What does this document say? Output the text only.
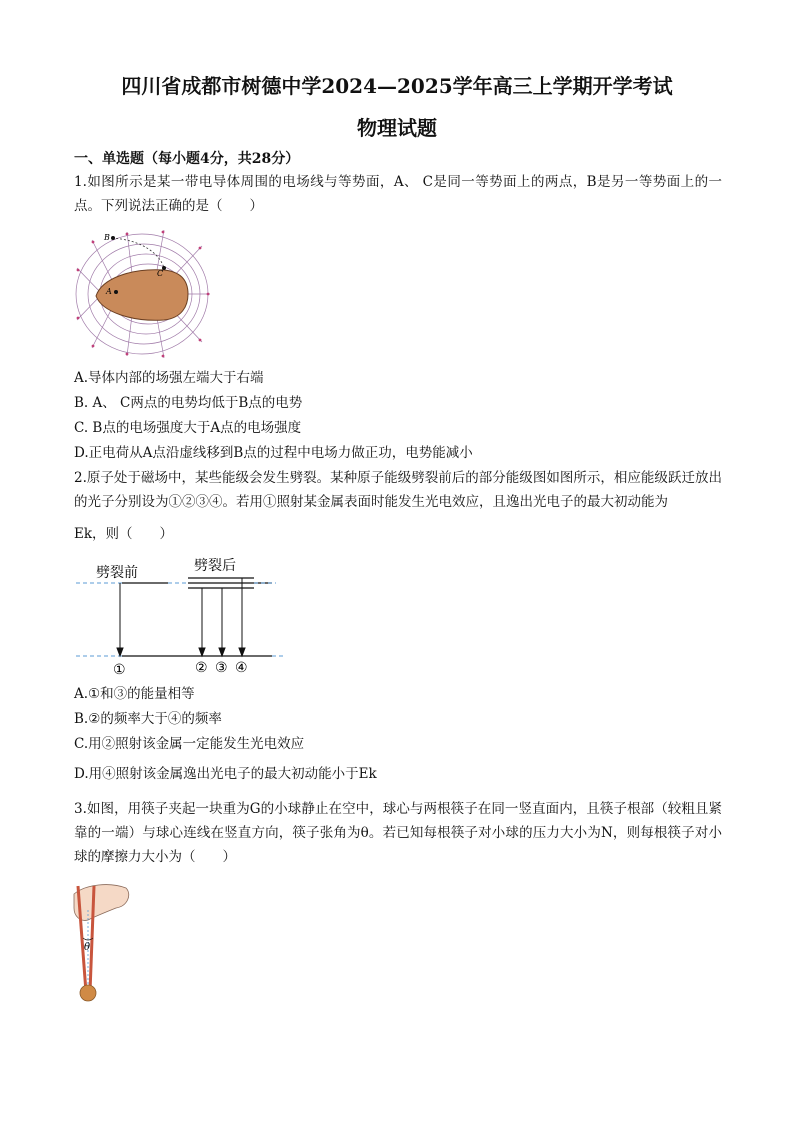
四川省成都市树德中学2024—2025学年高三上学期开学考试
物理试题
一、单选题（每小题4分，共28分）
1.如图所示是某一带电导体周围的电场线与等势面，A、 C是同一等势面上的两点，B是另一等势面上的一点。下列说法正确的是（　　）
B
C
A
A.导体内部的场强左端大于右端
B. A、 C两点的电势均低于B点的电势
C. B点的电场强度大于A点的电场强度
D.正电荷从A点沿虚线移到B点的过程中电场力做正功，电势能减小
2.原子处于磁场中，某些能级会发生劈裂。某种原子能级劈裂前后的部分能级图如图所示，相应能级跃迁放出的光子分别设为①②③④。若用①照射某金属表面时能发生光电效应，且逸出光电子的最大初动能为
Ek，则（　　）
劈裂前	劈裂后
①	② ③ ④
A.①和③的能量相等
B.②的频率大于④的频率
C.用②照射该金属一定能发生光电效应
D.用④照射该金属逸出光电子的最大初动能小于Ek
3.如图，用筷子夹起一块重为G的小球静止在空中，球心与两根筷子在同一竖直面内，且筷子根部（较粗且紧靠的一端）与球心连线在竖直方向，筷子张角为θ。若已知每根筷子对小球的压力大小为N，则每根筷子对小球的摩擦力大小为（　　）
θ
